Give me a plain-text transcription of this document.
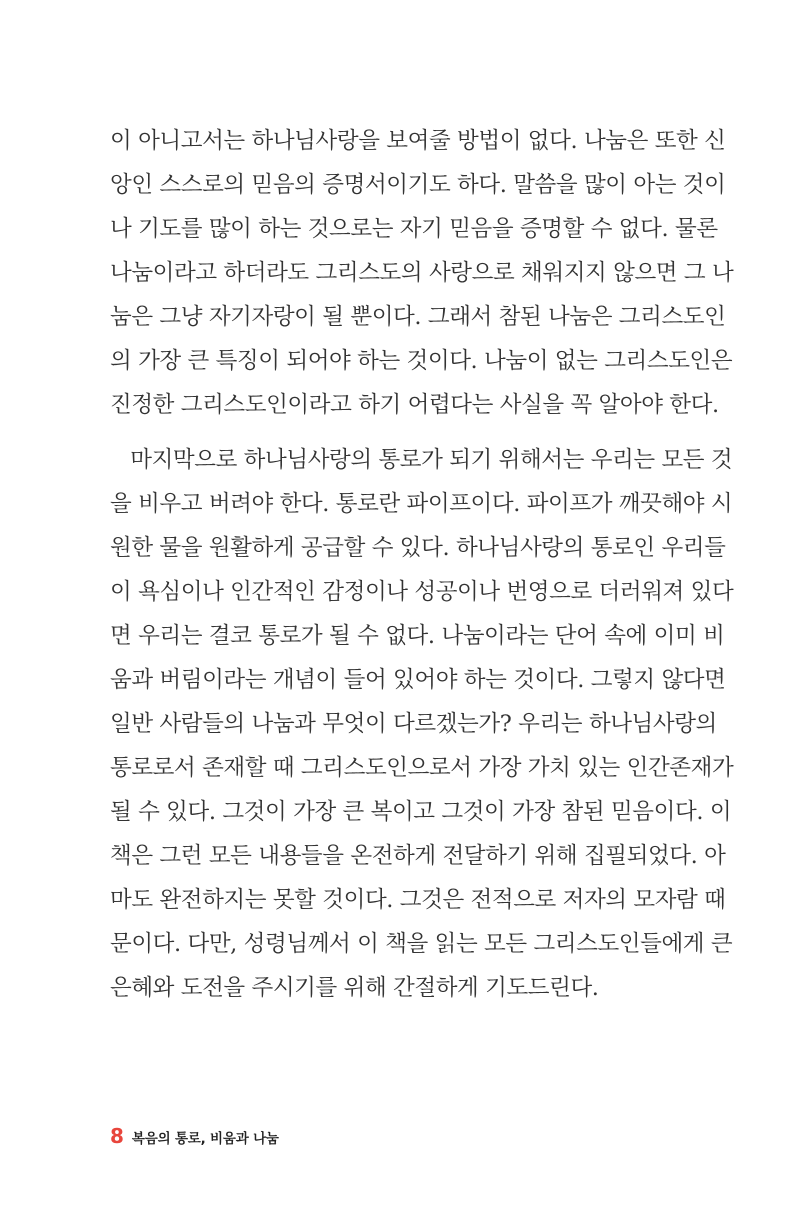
이 아니고서는 하나님사랑을 보여줄 방법이 없다. 나눔은 또한 신
앙인 스스로의 믿음의 증명서이기도 하다. 말씀을 많이 아는 것이
나 기도를 많이 하는 것으로는 자기 믿음을 증명할 수 없다. 물론
나눔이라고 하더라도 그리스도의 사랑으로 채워지지 않으면 그 나
눔은 그냥 자기자랑이 될 뿐이다. 그래서 참된 나눔은 그리스도인
의 가장 큰 특징이 되어야 하는 것이다. 나눔이 없는 그리스도인은
진정한 그리스도인이라고 하기 어렵다는 사실을 꼭 알아야 한다.

마지막으로 하나님사랑의 통로가 되기 위해서는 우리는 모든 것
을 비우고 버려야 한다. 통로란 파이프이다. 파이프가 깨끗해야 시
원한 물을 원활하게 공급할 수 있다. 하나님사랑의 통로인 우리들
이 욕심이나 인간적인 감정이나 성공이나 번영으로 더러워져 있다
면 우리는 결코 통로가 될 수 없다. 나눔이라는 단어 속에 이미 비
움과 버림이라는 개념이 들어 있어야 하는 것이다. 그렇지 않다면
일반 사람들의 나눔과 무엇이 다르겠는가? 우리는 하나님사랑의
통로로서 존재할 때 그리스도인으로서 가장 가치 있는 인간존재가
될 수 있다. 그것이 가장 큰 복이고 그것이 가장 참된 믿음이다. 이
책은 그런 모든 내용들을 온전하게 전달하기 위해 집필되었다. 아
마도 완전하지는 못할 것이다. 그것은 전적으로 저자의 모자람 때
문이다. 다만, 성령님께서 이 책을 읽는 모든 그리스도인들에게 큰
은혜와 도전을 주시기를 위해 간절하게 기도드린다.

8 복음의 통로, 비움과 나눔
